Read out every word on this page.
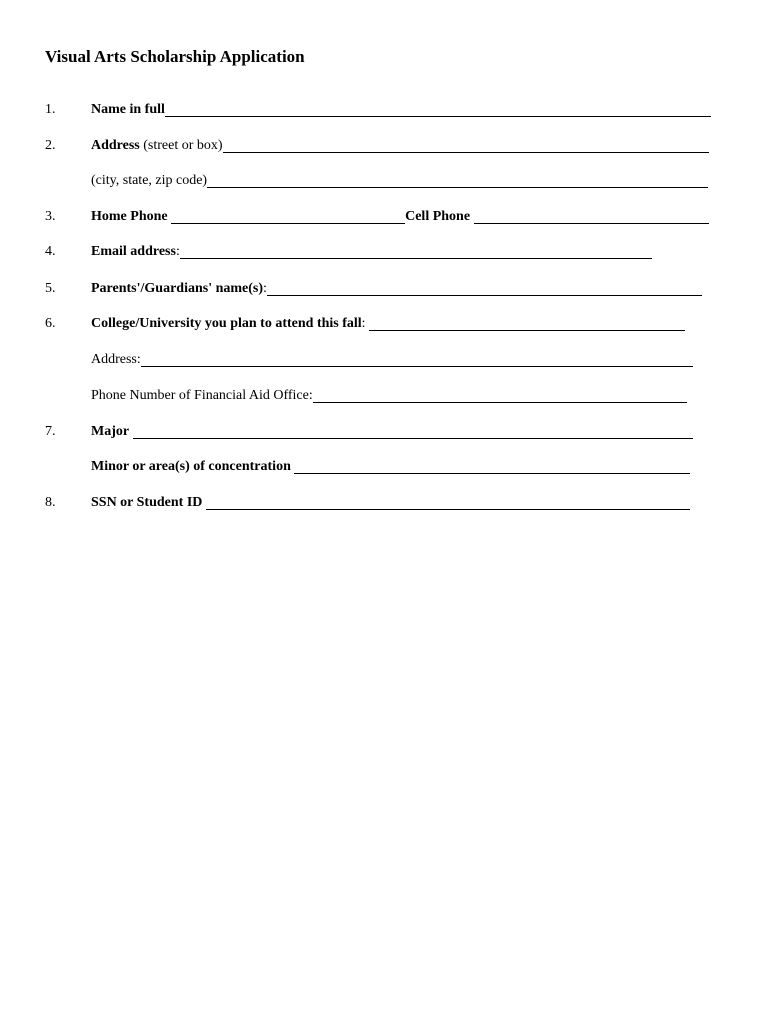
Visual Arts Scholarship Application
1.	Name in full
2.	Address
(street or box)
(city, state, zip code)
3.	Home Phone
	Cell Phone

4.	Email address :
5.	Parents'/Guardians' name(s) :
6.	College/University you plan to attend this fall :

Address:
Phone Number of Financial Aid Office:
7.	Major

Minor or area(s) of concentration

8.	SSN or Student ID
